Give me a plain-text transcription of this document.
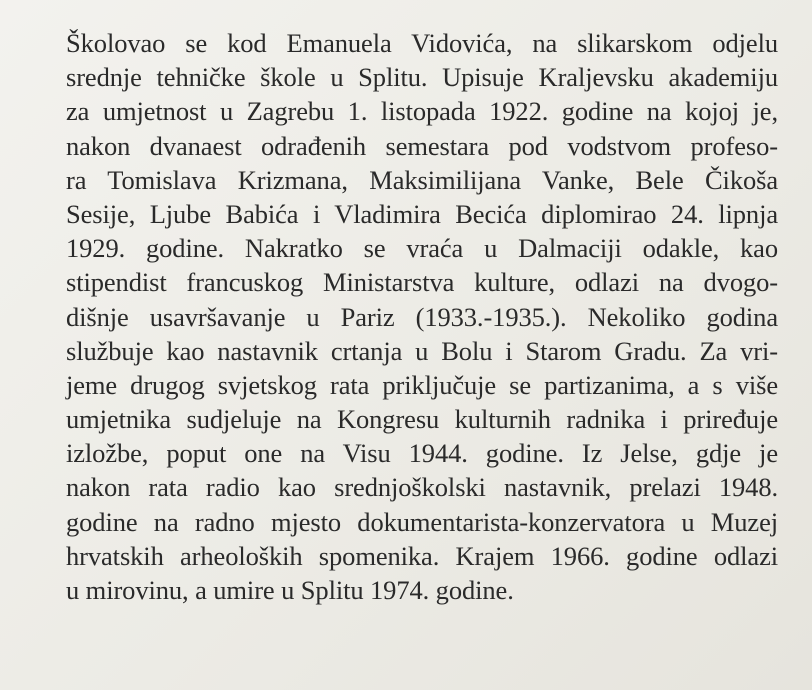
Školovao se kod Emanuela Vidovića, na slikarskom odjelu
srednje tehničke škole u Splitu. Upisuje Kraljevsku akademiju
za umjetnost u Zagrebu 1. listopada 1922. godine na kojoj je,
nakon dvanaest odrađenih semestara pod vodstvom profeso-
ra Tomislava Krizmana, Maksimilijana Vanke, Bele Čikoša
Sesije, Ljube Babića i Vladimira Becića diplomirao 24. lipnja
1929. godine. Nakratko se vraća u Dalmaciji odakle, kao
stipendist francuskog Ministarstva kulture, odlazi na dvogo-
dišnje usavršavanje u Pariz (1933.-1935.). Nekoliko godina
službuje kao nastavnik crtanja u Bolu i Starom Gradu. Za vri-
jeme drugog svjetskog rata priključuje se partizanima, a s više
umjetnika sudjeluje na Kongresu kulturnih radnika i priređuje
izložbe, poput one na Visu 1944. godine. Iz Jelse, gdje je
nakon rata radio kao srednjoškolski nastavnik, prelazi 1948.
godine na radno mjesto dokumentarista-konzervatora u Muzej
hrvatskih arheoloških spomenika. Krajem 1966. godine odlazi
u mirovinu, a umire u Splitu 1974. godine.
